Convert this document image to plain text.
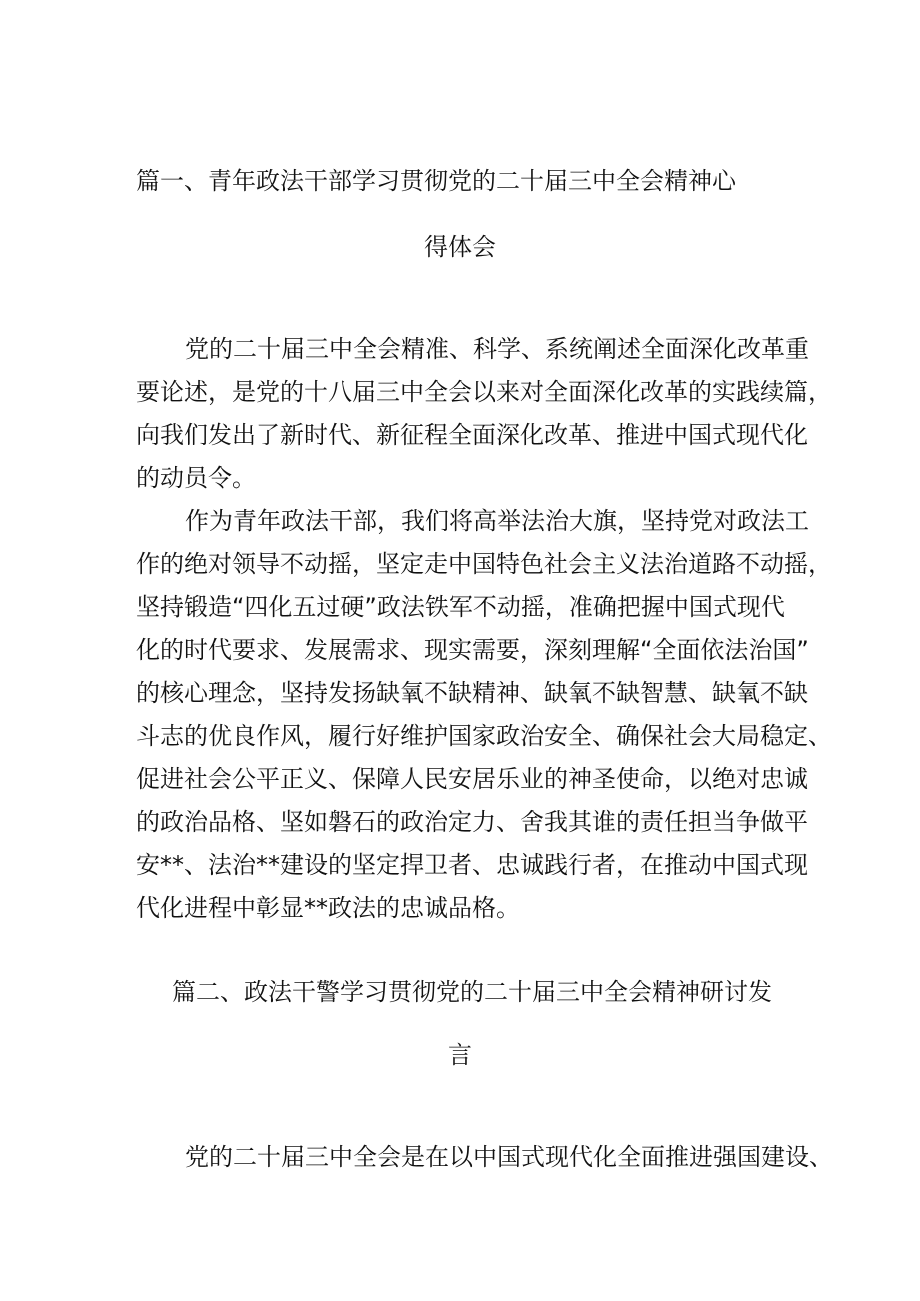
篇一、青年政法干部学习贯彻党的二十届三中全会精神心
得体会
党的二十届三中全会精准、科学、系统阐述全面深化改革重
要论述，是党的十八届三中全会以来对全面深化改革的实践续篇，
向我们发出了新时代、新征程全面深化改革、推进中国式现代化
的动员令。
作为青年政法干部，我们将高举法治大旗，坚持党对政法工
作的绝对领导不动摇，坚定走中国特色社会主义法治道路不动摇，
坚持锻造“四化五过硬”政法铁军不动摇，准确把握中国式现代
化的时代要求、发展需求、现实需要，深刻理解“全面依法治国”
的核心理念，坚持发扬缺氧不缺精神、缺氧不缺智慧、缺氧不缺
斗志的优良作风，履行好维护国家政治安全、确保社会大局稳定、
促进社会公平正义、保障人民安居乐业的神圣使命，以绝对忠诚
的政治品格、坚如磐石的政治定力、舍我其谁的责任担当争做平
安**、法治**建设的坚定捍卫者、忠诚践行者，在推动中国式现
代化进程中彰显**政法的忠诚品格。
篇二、政法干警学习贯彻党的二十届三中全会精神研讨发
言
党的二十届三中全会是在以中国式现代化全面推进强国建设、
